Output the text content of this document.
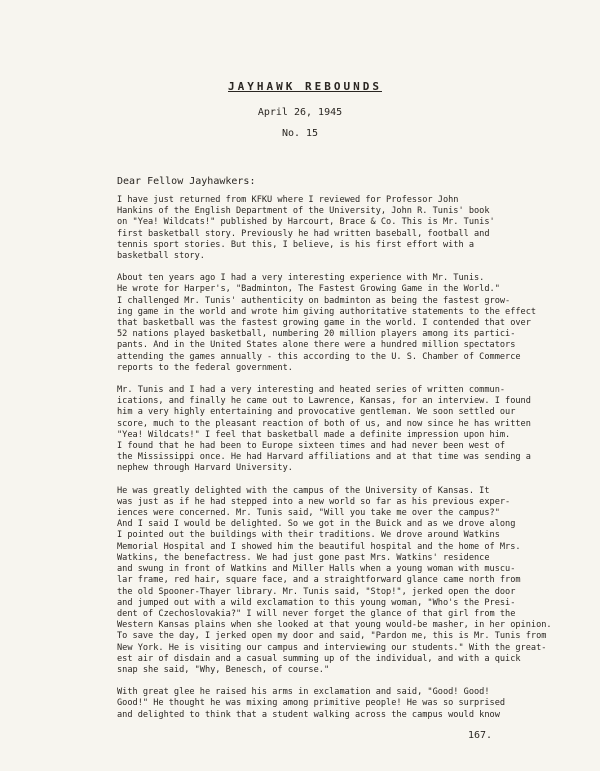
JAYHAWK REBOUNDS
April 26, 1945
No. 15
Dear Fellow Jayhawkers:

I have just returned from KFKU where I reviewed for Professor John
Hankins of the English Department of the University, John R. Tunis' book
on "Yea! Wildcats!" published by Harcourt, Brace & Co. This is Mr. Tunis'
first basketball story. Previously he had written baseball, football and
tennis sport stories. But this, I believe, is his first effort with a
basketball story.

About ten years ago I had a very interesting experience with Mr. Tunis.
He wrote for Harper's, "Badminton, The Fastest Growing Game in the World."
I challenged Mr. Tunis' authenticity on badminton as being the fastest grow-
ing game in the world and wrote him giving authoritative statements to the effect
that basketball was the fastest growing game in the world. I contended that over
52 nations played basketball, numbering 20 million players among its partici-
pants. And in the United States alone there were a hundred million spectators
attending the games annually - this according to the U. S. Chamber of Commerce
reports to the federal government.

Mr. Tunis and I had a very interesting and heated series of written commun-
ications, and finally he came out to Lawrence, Kansas, for an interview. I found
him a very highly entertaining and provocative gentleman. We soon settled our
score, much to the pleasant reaction of both of us, and now since he has written
"Yea! Wildcats!" I feel that basketball made a definite impression upon him.
I found that he had been to Europe sixteen times and had never been west of
the Mississippi once. He had Harvard affiliations and at that time was sending a
nephew through Harvard University.

He was greatly delighted with the campus of the University of Kansas. It
was just as if he had stepped into a new world so far as his previous exper-
iences were concerned. Mr. Tunis said, "Will you take me over the campus?"
And I said I would be delighted. So we got in the Buick and as we drove along
I pointed out the buildings with their traditions. We drove around Watkins
Memorial Hospital and I showed him the beautiful hospital and the home of Mrs.
Watkins, the benefactress. We had just gone past Mrs. Watkins' residence
and swung in front of Watkins and Miller Halls when a young woman with muscu-
lar frame, red hair, square face, and a straightforward glance came north from
the old Spooner-Thayer library. Mr. Tunis said, "Stop!", jerked open the door
and jumped out with a wild exclamation to this young woman, "Who's the Presi-
dent of Czechoslovakia?" I will never forget the glance of that girl from the
Western Kansas plains when she looked at that young would-be masher, in her opinion.
To save the day, I jerked open my door and said, "Pardon me, this is Mr. Tunis from
New York. He is visiting our campus and interviewing our students." With the great-
est air of disdain and a casual summing up of the individual, and with a quick
snap she said, "Why, Benesch, of course."

With great glee he raised his arms in exclamation and said, "Good! Good!
Good!" He thought he was mixing among primitive people! He was so surprised
and delighted to think that a student walking across the campus would know

167.
